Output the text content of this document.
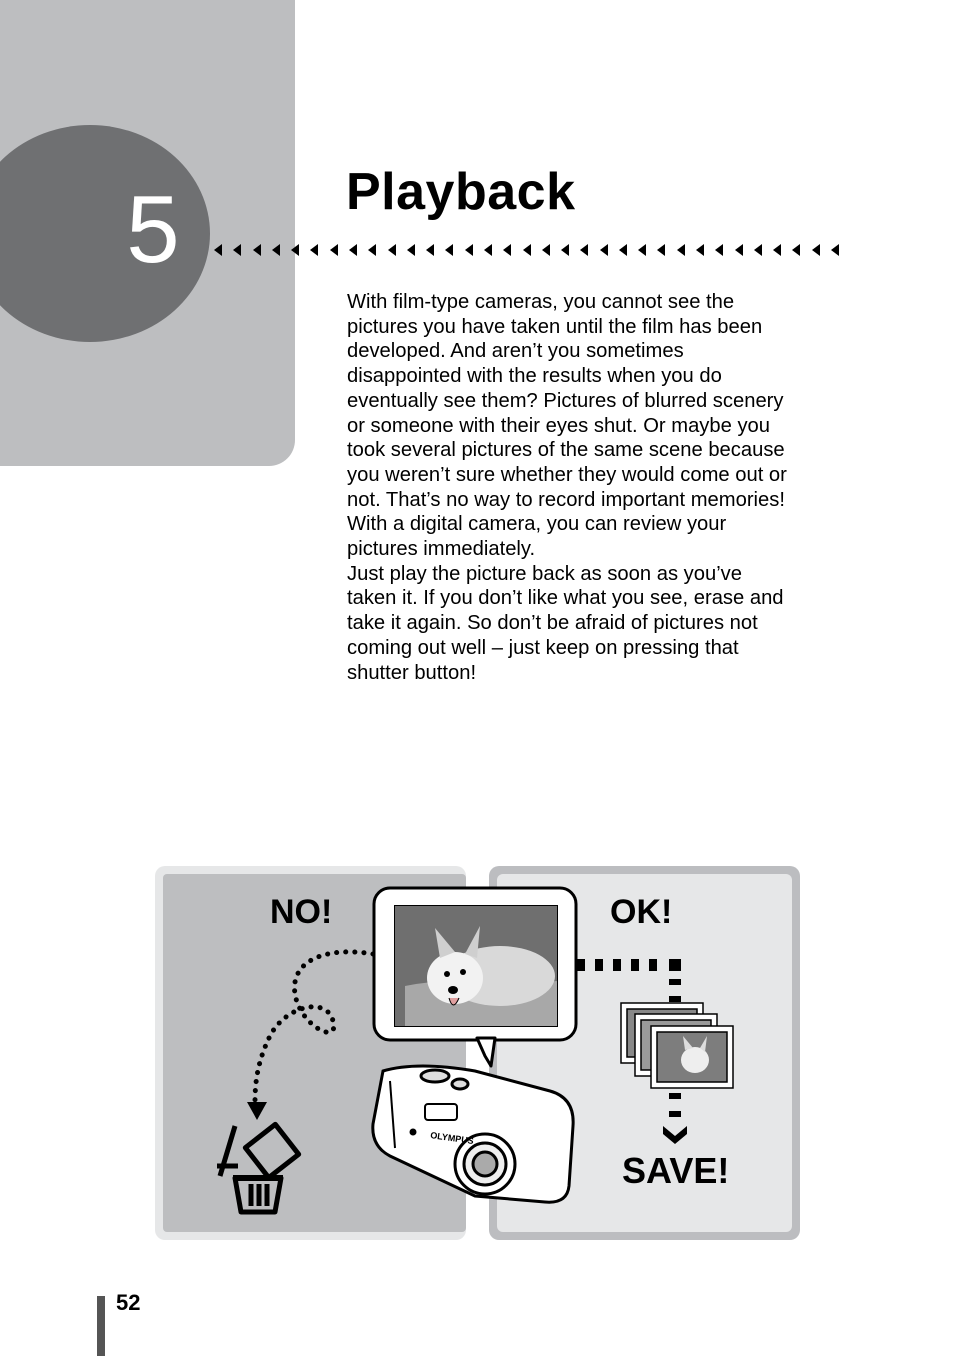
5	Playback

With film-type cameras, you cannot see the pictures you have taken until the film has been developed. And aren’t you sometimes disappointed with the results when you do eventually see them? Pictures of blurred scenery or someone with their eyes shut. Or maybe you took several pictures of the same scene because you weren’t sure whether they would come out or not. That’s no way to record important memories!

With a digital camera, you can review your pictures immediately.

Just play the picture back as soon as you’ve taken it. If you don’t like what you see, erase and take it again. So don’t be afraid of pictures not coming out well – just keep on pressing that shutter button!

OLYMPUS
NO!	OK!
SAVE!
52
